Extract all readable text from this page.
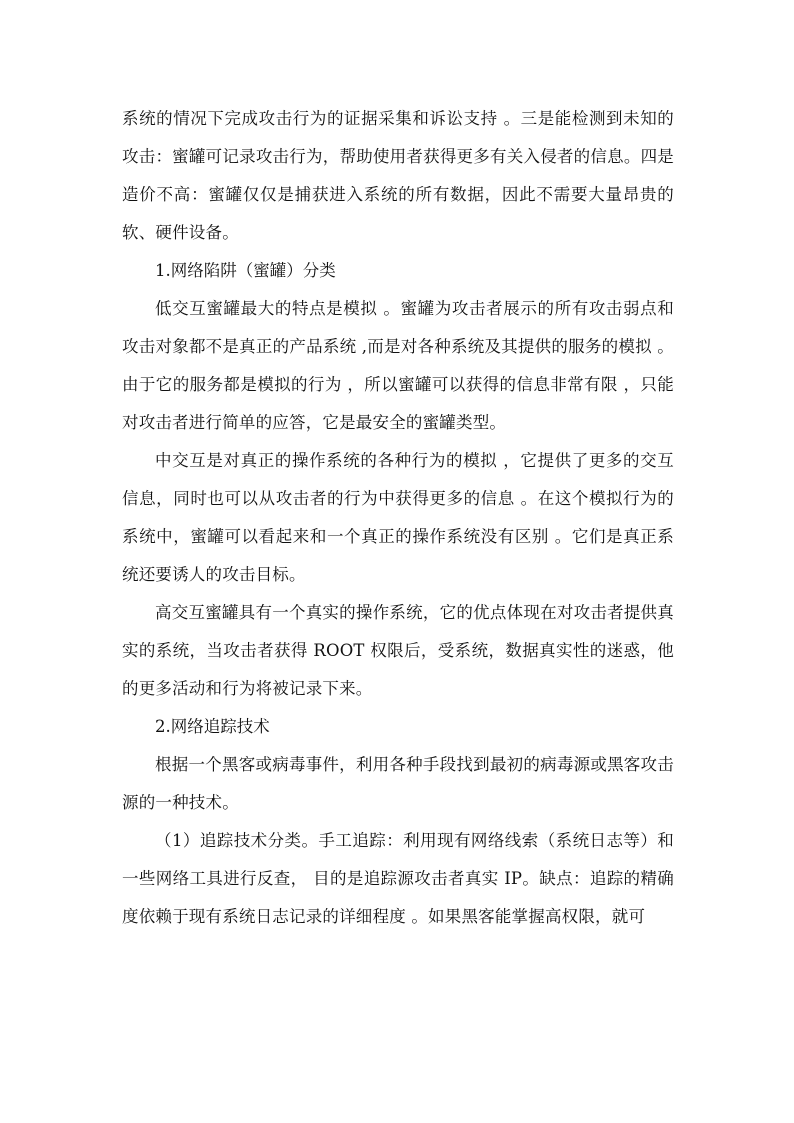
系统的情况下完成攻击行为的证据采集和诉讼支持 。三是能检测到未知的攻击：蜜罐可记录攻击行为，帮助使用者获得更多有关入侵者的信息。四是造价不高：蜜罐仅仅是捕获进入系统的所有数据，因此不需要大量昂贵的软、硬件设备。

1.网络陷阱（蜜罐）分类

低交互蜜罐最大的特点是模拟 。蜜罐为攻击者展示的所有攻击弱点和攻击对象都不是真正的产品系统 ,而是对各种系统及其提供的服务的模拟 。由于它的服务都是模拟的行为 ，所以蜜罐可以获得的信息非常有限 ，只能对攻击者进行简单的应答，它是最安全的蜜罐类型。

中交互是对真正的操作系统的各种行为的模拟 ，它提供了更多的交互信息，同时也可以从攻击者的行为中获得更多的信息 。在这个模拟行为的系统中，蜜罐可以看起来和一个真正的操作系统没有区别 。它们是真正系统还要诱人的攻击目标。

高交互蜜罐具有一个真实的操作系统，它的优点体现在对攻击者提供真实的系统，当攻击者获得 ROOT 权限后，受系统，数据真实性的迷惑，他的更多活动和行为将被记录下来。

2.网络追踪技术

根据一个黑客或病毒事件，利用各种手段找到最初的病毒源或黑客攻击源的一种技术。

（1）追踪技术分类。手工追踪：利用现有网络线索（系统日志等）和一些网络工具进行反查， 目的是追踪源攻击者真实 IP。缺点：追踪的精确度依赖于现有系统日志记录的详细程度 。如果黑客能掌握高权限，就可
